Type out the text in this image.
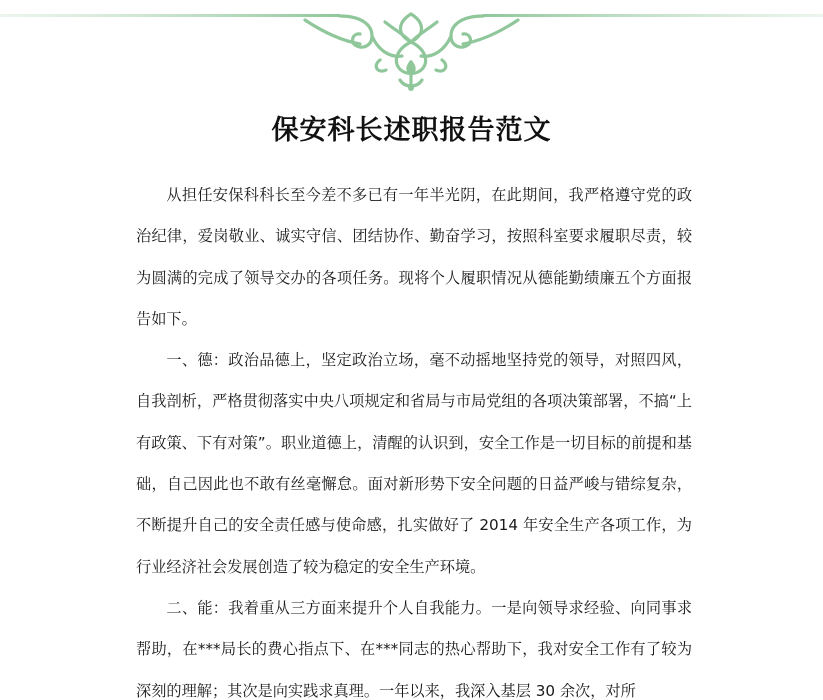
保安科长述职报告范文

从担任安保科科长至今差不多已有一年半光阴，在此期间，我严格遵守党的政治纪律，爱岗敬业、诚实守信、团结协作、勤奋学习，按照科室要求履职尽责，较为圆满的完成了领导交办的各项任务。现将个人履职情况从德能勤绩廉五个方面报告如下。

一、德：政治品德上，坚定政治立场，毫不动摇地坚持党的领导，对照四风，自我剖析，严格贯彻落实中央八项规定和省局与市局党组的各项决策部署，不搞“上有政策、下有对策”。职业道德上，清醒的认识到，安全工作是一切目标的前提和基础，自己因此也不敢有丝毫懈怠。面对新形势下安全问题的日益严峻与错综复杂，不断提升自己的安全责任感与使命感，扎实做好了 2014 年安全生产各项工作，为行业经济社会发展创造了较为稳定的安全生产环境。

二、能：我着重从三方面来提升个人自我能力。一是向领导求经验、向同事求帮助，在***局长的费心指点下、在***同志的热心帮助下，我对安全工作有了较为深刻的理解；其次是向实践求真理。一年以来，我深入基层 30 余次，对所
